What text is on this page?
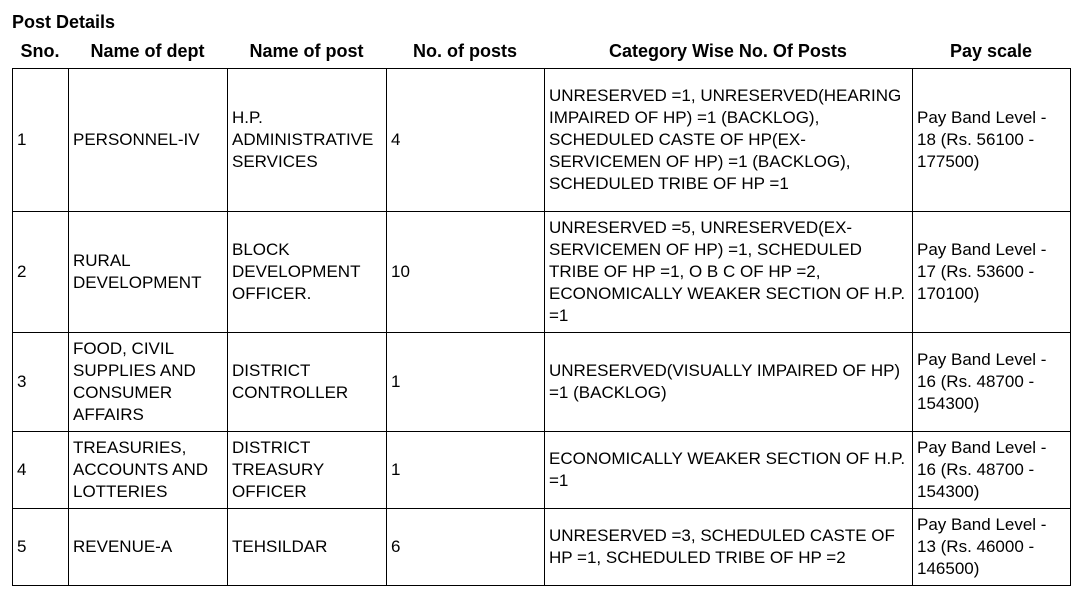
Post Details
Sno.	Name of dept	Name of post	No. of posts	Category Wise No. Of Posts	Pay scale
1	PERSONNEL-IV	H.P. ADMINISTRATIVE SERVICES	4	UNRESERVED =1, UNRESERVED(HEARING IMPAIRED OF HP) =1 (BACKLOG), SCHEDULED CASTE OF HP(EX-SERVICEMEN OF HP) =1 (BACKLOG), SCHEDULED TRIBE OF HP =1	Pay Band Level - 18 (Rs. 56100 - 177500)
2	RURAL DEVELOPMENT	BLOCK DEVELOPMENT OFFICER.	10	UNRESERVED =5, UNRESERVED(EX-SERVICEMEN OF HP) =1, SCHEDULED TRIBE OF HP =1, O B C OF HP =2, ECONOMICALLY WEAKER SECTION OF H.P. =1	Pay Band Level - 17 (Rs. 53600 - 170100)
3	FOOD, CIVIL SUPPLIES AND CONSUMER AFFAIRS	DISTRICT CONTROLLER	1	UNRESERVED(VISUALLY IMPAIRED OF HP) =1 (BACKLOG)	Pay Band Level - 16 (Rs. 48700 - 154300)
4	TREASURIES, ACCOUNTS AND LOTTERIES	DISTRICT TREASURY OFFICER	1	ECONOMICALLY WEAKER SECTION OF H.P. =1	Pay Band Level - 16 (Rs. 48700 - 154300)
5	REVENUE-A	TEHSILDAR	6	UNRESERVED =3, SCHEDULED CASTE OF HP =1, SCHEDULED TRIBE OF HP =2	Pay Band Level - 13 (Rs. 46000 - 146500)
